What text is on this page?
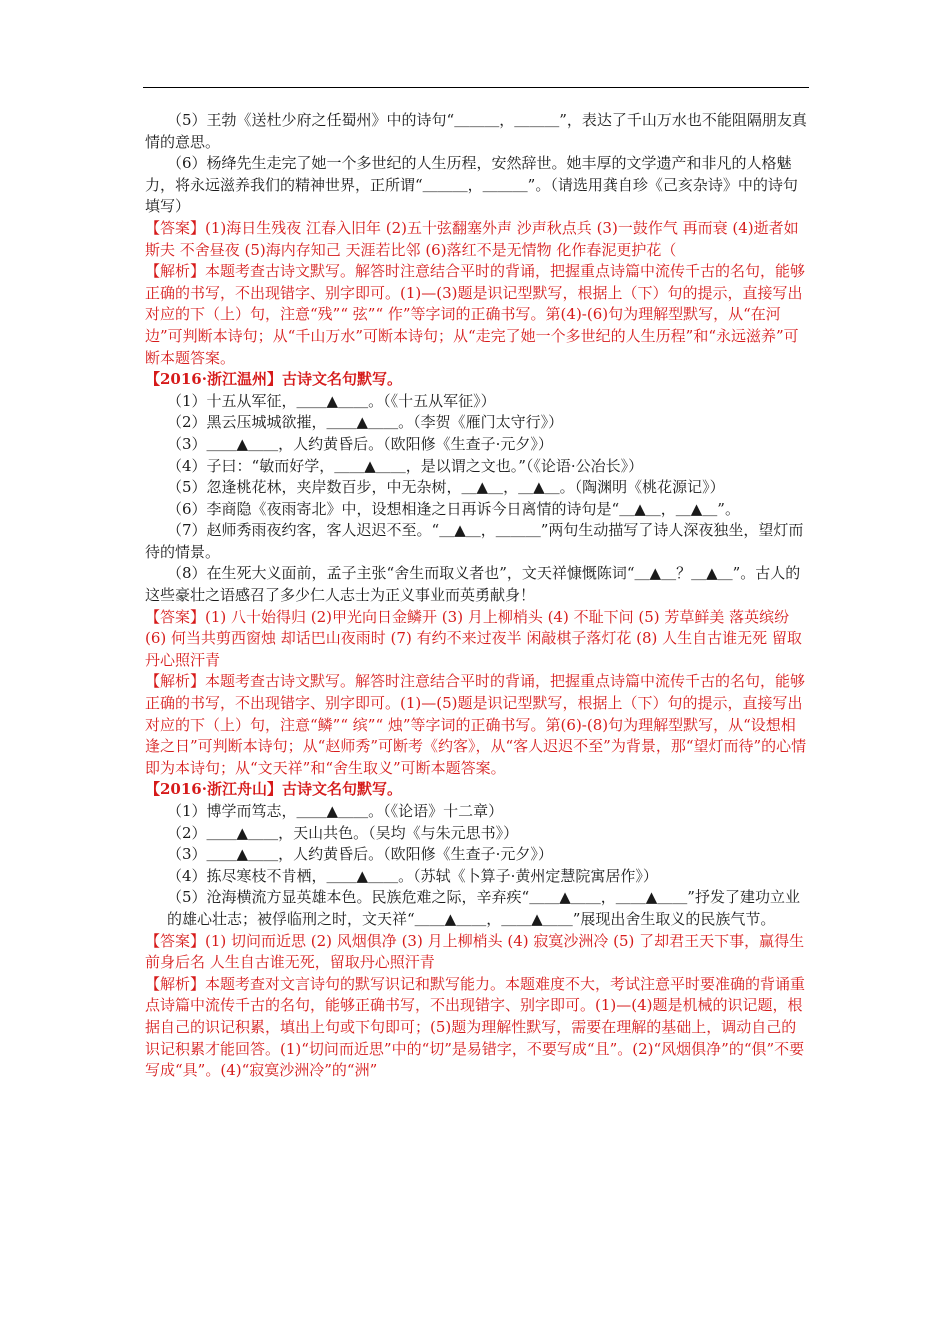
（5）王勃《送杜少府之任蜀州》中的诗句“＿＿＿，＿＿＿”，表达了千山万水也不能阻隔朋友真情的意思。

（6）杨绛先生走完了她一个多世纪的人生历程，安然辞世。她丰厚的文学遗产和非凡的人格魅力，将永远滋养我们的精神世界，正所谓“＿＿＿，＿＿＿”。（请选用龚自珍《己亥杂诗》中的诗句填写）

【答案】(1)海日生残夜 江春入旧年 (2)五十弦翻塞外声 沙声秋点兵 (3)一鼓作气 再而衰 (4)逝者如斯夫 不舍昼夜 (5)海内存知己 天涯若比邻 (6)落红不是无情物 化作春泥更护花（

【解析】本题考查古诗文默写。解答时注意结合平时的背诵，把握重点诗篇中流传千古的名句，能够正确的书写，不出现错字、别字即可。(1)—(3)题是识记型默写，根据上（下）句的提示，直接写出对应的下（上）句，注意“残”“ 弦”“ 作”等字词的正确书写。第(4)-(6)句为理解型默写，从“在河边”可判断本诗句；从“千山万水”可断本诗句；从“走完了她一个多世纪的人生历程”和“永远滋养”可断本题答案。

【2016·浙江温州】古诗文名句默写。

（1）十五从军征，＿＿▲＿＿。（《十五从军征》）

（2）黑云压城城欲摧，＿＿▲＿＿。（李贺《雁门太守行》）

（3）＿＿▲＿＿，人约黄昏后。（欧阳修《生查子·元夕》）

（4）子曰：“敏而好学，＿＿▲＿＿，是以谓之文也。”（《论语·公冶长》）

（5）忽逢桃花林，夹岸数百步，中无杂树，＿▲＿，＿▲＿。（陶渊明《桃花源记》）

（6）李商隐《夜雨寄北》中，设想相逢之日再诉今日离情的诗句是“＿▲＿，＿▲＿”。

（7）赵师秀雨夜约客，客人迟迟不至。“＿▲＿，＿＿＿”两句生动描写了诗人深夜独坐，望灯而待的情景。

（8）在生死大义面前，孟子主张“舍生而取义者也”，文天祥慷慨陈词“＿▲＿？＿▲＿”。古人的这些豪壮之语感召了多少仁人志士为正义事业而英勇献身！

【答案】(1) 八十始得归 (2)甲光向日金鳞开 (3) 月上柳梢头 (4) 不耻下问 (5) 芳草鲜美 落英缤纷 (6) 何当共剪西窗烛 却话巴山夜雨时 (7) 有约不来过夜半 闲敲棋子落灯花 (8) 人生自古谁无死 留取丹心照汗青

【解析】本题考查古诗文默写。解答时注意结合平时的背诵，把握重点诗篇中流传千古的名句，能够正确的书写，不出现错字、别字即可。(1)—(5)题是识记型默写，根据上（下）句的提示，直接写出对应的下（上）句，注意“鳞”“ 缤”“ 烛”等字词的正确书写。第(6)-(8)句为理解型默写，从“设想相逢之日”可判断本诗句；从“赵师秀”可断考《约客》，从“客人迟迟不至”为背景，那“望灯而待”的心情即为本诗句；从“文天祥”和“舍生取义”可断本题答案。

【2016·浙江舟山】古诗文名句默写。

（1）博学而笃志，＿＿▲＿＿。（《论语》十二章）

（2）＿＿▲＿＿，天山共色。（吴均《与朱元思书》）

（3）＿＿▲＿＿，人约黄昏后。（欧阳修《生查子·元夕》）

（4）拣尽寒枝不肯栖，＿＿▲＿＿。（苏轼《卜算子·黄州定慧院寓居作》）

（5）沧海横流方显英雄本色。民族危难之际，辛弃疾“＿＿▲＿＿，＿＿▲＿＿”抒发了建功立业的雄心壮志；被俘临刑之时，文天祥“＿＿▲＿＿，＿＿▲＿＿”展现出舍生取义的民族气节。

【答案】(1) 切问而近思 (2) 风烟俱净 (3) 月上柳梢头 (4) 寂寞沙洲冷 (5) 了却君王天下事，赢得生前身后名 人生自古谁无死，留取丹心照汗青

【解析】本题考查对文言诗句的默写识记和默写能力。本题难度不大，考试注意平时要准确的背诵重点诗篇中流传千古的名句，能够正确书写，不出现错字、别字即可。(1)—(4)题是机械的识记题，根据自己的识记积累，填出上句或下句即可；(5)题为理解性默写，需要在理解的基础上，调动自己的识记积累才能回答。(1)“切问而近思”中的“切”是易错字，不要写成“且”。(2)“风烟俱净”的“俱”不要写成“具”。(4)“寂寞沙洲冷”的“洲”
